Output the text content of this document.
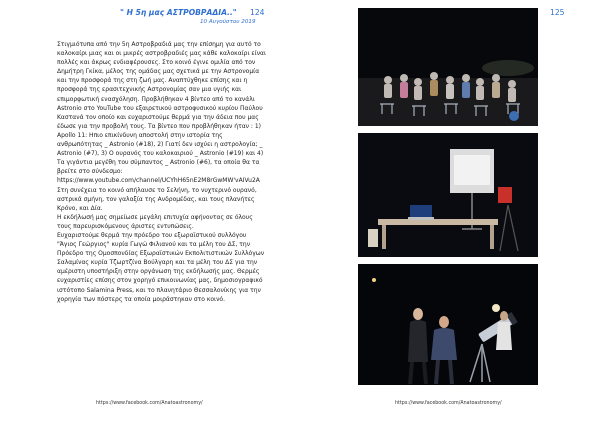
" Η 5η μας ΑΣΤΡΟΒΡΑΔΙΑ.." 124
10 Αυγούστου 2019

Στιγμιότυπα από την 5η Αστροβραδιά μας την επίσημη για αυτό το καλοκαίρι μιας και οι μικρές αστροβραδιές μας κάθε καλοκαίρι είναι πολλές και άκρως ενδιαφέρουσες. Στο κοινό έγινε ομιλία από τον Δημήτρη Γκίκα, μέλος της ομάδας μας σχετικά με την Αστρονομία και την προσφορά της στη ζωή μας. Αναπτύχθηκε επίσης και η προσφορά της ερασιτεχνικής Αστρονομίας σαν μια υγιής και επιμορφωτική ενασχόληση. Προβλήθηκαν 4 βίντεο από το κανάλι Astronio στο YouTube του εξαιρετικού αστροφυσικού κυρίου Παύλου Καστανά τον οποίο και ευχαριστούμε θερμά για την άδεια που μας έδωσε για την προβολή τους. Τα βίντεο που προβλήθηκαν ήταν : 1) Apollo 11: Ηπιο επικίνδυνη αποστολή στην ιστορία της ανθρωπότητας _ Astronio (#18), 2) Γιατί δεν ισχύει η αστρολογία; _ Astronio (#7), 3) Ο ουρανός του καλοκαιριού _ Astronio (#19) και 4) Τα γιγάντια μεγέθη του σύμπαντος _ Astronio (#6), τα οποία θα τα βρείτε στο σύνδεσμο: https://www.youtube.com/channel/UCYhH65nE2M8rGwMW'vAIVu2A

Στη συνέχεια το κοινό απήλαυσε το Σελήνη, το νυχτερινό ουρανό, αστρικά σμήνη, τον γαλαξία της Ανδρομέδας, και τους πλανήτες Κρόνο, και Δία.

Η εκδήλωσή μας σημείωσε μεγάλη επιτυχία αφήνοντας σε όλους τους παρευρισκόμενους άριστες εντυπώσεις.

Ευχαριστούμε θερμά την πρόεδρο του εξωραϊστικού συλλόγου "Άγιος Γεώργιος" κυρία Γωγώ Φιλιανού και τα μέλη του ΔΣ, την Πρόεδρο της Ομοσπονδίας Εξωραϊστικών Εκπολιτιστικών Συλλόγων Σαλαμίνας κυρία Τζωρτζίνα Βούλγαρη και τα μέλη του ΔΣ για την αμέριστη υποστήριξη στην οργάνωση της εκδήλωσής μας. Θερμές ευχαριστίες επίσης στον χορηγό επικοινωνίας μας, δημοσιογραφικό ιστότοπο Salamina Press, και το πλανητάριο Θεσσαλονίκης για την χορηγία των πόστερς τα οποία μοιράστηκαν στο κοινό.

https://www.facebook.com/Anatoastronomy/
125
https://www.facebook.com/Anatoastronomy/
